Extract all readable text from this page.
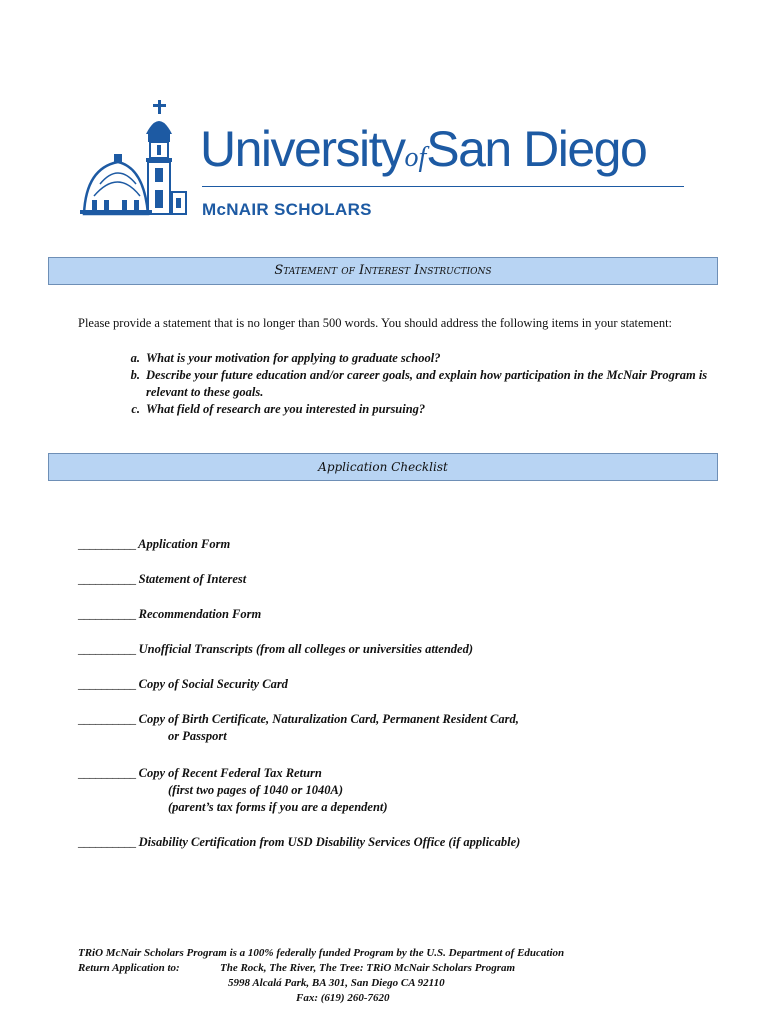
UniversityofSan Diego
McNAIR SCHOLARS
Statement of Interest Instructions
Please provide a statement that is no longer than 500 words. You should address the following items in your statement:
a. What is your motivation for applying to graduate school?
b. Describe your future education and/or career goals, and explain how participation in the McNair Program is relevant to these goals.
c. What field of research are you interested in pursuing?
Application Checklist
__________ Application Form
__________ Statement of Interest
__________ Recommendation Form
__________ Unofficial Transcripts (from all colleges or universities attended)
__________ Copy of Social Security Card
__________ Copy of Birth Certificate, Naturalization Card, Permanent Resident Card,
or Passport
__________ Copy of Recent Federal Tax Return
(first two pages of 1040 or 1040A)
(parent’s tax forms if you are a dependent)
__________ Disability Certification from USD Disability Services Office (if applicable)
TRiO McNair Scholars Program is a 100% federally funded Program by the U.S. Department of Education
Return Application to:	The Rock, The River, The Tree: TRiO McNair Scholars Program
5998 Alcalá Park, BA 301, San Diego CA 92110
Fax: (619) 260-7620
